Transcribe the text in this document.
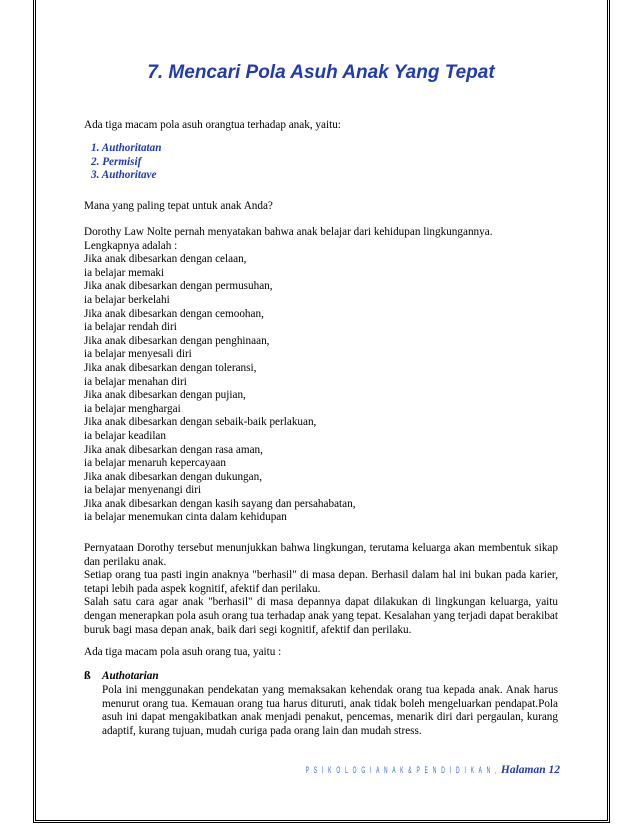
7. Mencari Pola Asuh Anak Yang Tepat

Ada tiga macam pola asuh orangtua terhadap anak, yaitu:

1. Authoritatan
2. Permisif
3. Authoritave

Mana yang paling tepat untuk anak Anda?

Dorothy Law Nolte pernah menyatakan bahwa anak belajar dari kehidupan lingkungannya.

Lengkapnya adalah :

Jika anak dibesarkan dengan celaan,

ia belajar memaki

Jika anak dibesarkan dengan permusuhan,

ia belajar berkelahi

Jika anak dibesarkan dengan cemoohan,

ia belajar rendah diri

Jika anak dibesarkan dengan penghinaan,

ia belajar menyesali diri

Jika anak dibesarkan dengan toleransi,

ia belajar menahan diri

Jika anak dibesarkan dengan pujian,

ia belajar menghargai

Jika anak dibesarkan dengan sebaik-baik perlakuan,

ia belajar keadilan

Jika anak dibesarkan dengan rasa aman,

ia belajar menaruh kepercayaan

Jika anak dibesarkan dengan dukungan,

ia belajar menyenangi diri

Jika anak dibesarkan dengan kasih sayang dan persahabatan,

ia belajar menemukan cinta dalam kehidupan

Pernyataan Dorothy tersebut menunjukkan bahwa lingkungan, terutama keluarga akan membentuk sikap dan perilaku anak.
Setiap orang tua pasti ingin anaknya "berhasil" di masa depan. Berhasil dalam hal ini bukan pada karier, tetapi lebih pada aspek kognitif, afektif dan perilaku.
Salah satu cara agar anak "berhasil" di masa depannya dapat dilakukan di lingkungan keluarga, yaitu dengan menerapkan pola asuh orang tua terhadap anak yang tepat. Kesalahan yang terjadi dapat berakibat buruk bagi masa depan anak, baik dari segi kognitif, afektif dan perilaku.

Ada tiga macam pola asuh orang tua, yaitu :

ß Authotarian

Pola ini menggunakan pendekatan yang memaksakan kehendak orang tua kepada anak. Anak harus menurut orang tua. Kemauan orang tua harus dituruti, anak tidak boleh mengeluarkan pendapat.Pola asuh ini dapat mengakibatkan anak menjadi penakut, pencemas, menarik diri dari pergaulan, kurang adaptif, kurang tujuan, mudah curiga pada orang lain dan mudah stress.

P S I K O L O G I A N A K & P E N D I D I K A N , Halaman 12
